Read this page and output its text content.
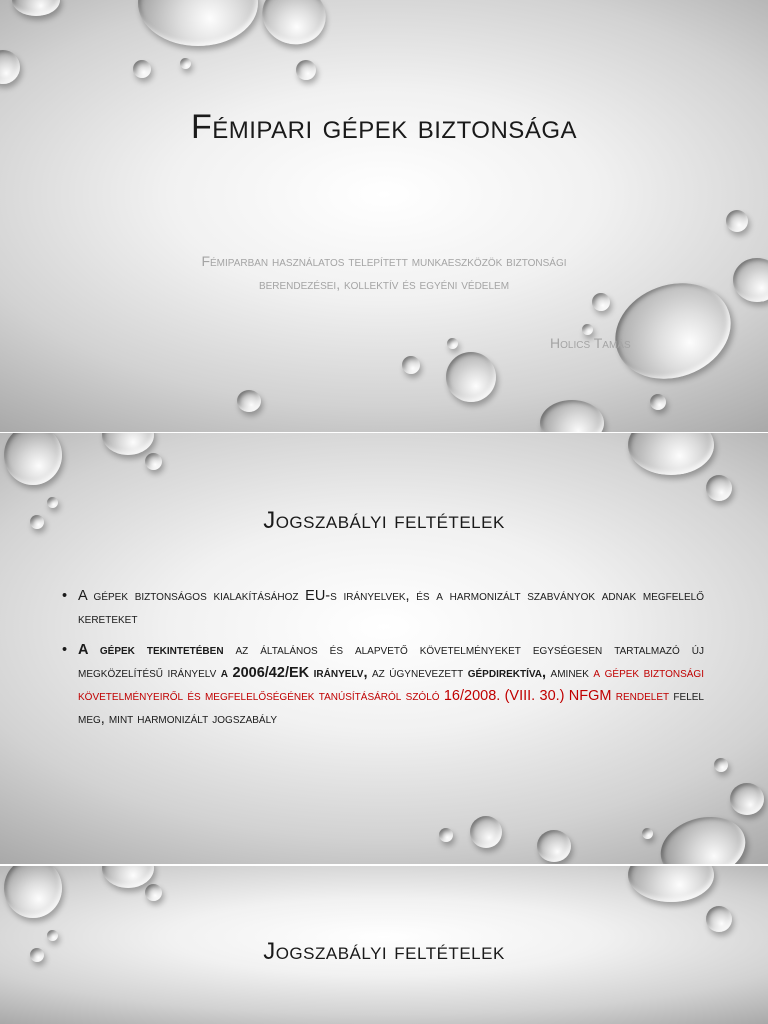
Fémipari gépek biztonsága
Fémiparban használatos telepített munkaeszközök biztonsági
berendezései, kollektív és egyéni védelem
Holics Tamás
Jogszabályi feltételek
• A gépek biztonságos kialakításához EU-s irányelvek, és a harmonizált szabványok adnak megfelelő kereteket
• A gépek tekintetében az általános és alapvető követelményeket egységesen tartalmazó új megközelítésű irányelv a 2006/42/EK irányelv, az úgynevezett gépdirektíva, aminek a gépek biztonsági követelményeiről és megfelelőségének tanúsításáról szóló 16/2008. (VIII. 30.) NFGM rendelet felel meg, mint harmonizált jogszabály
Jogszabályi feltételek
